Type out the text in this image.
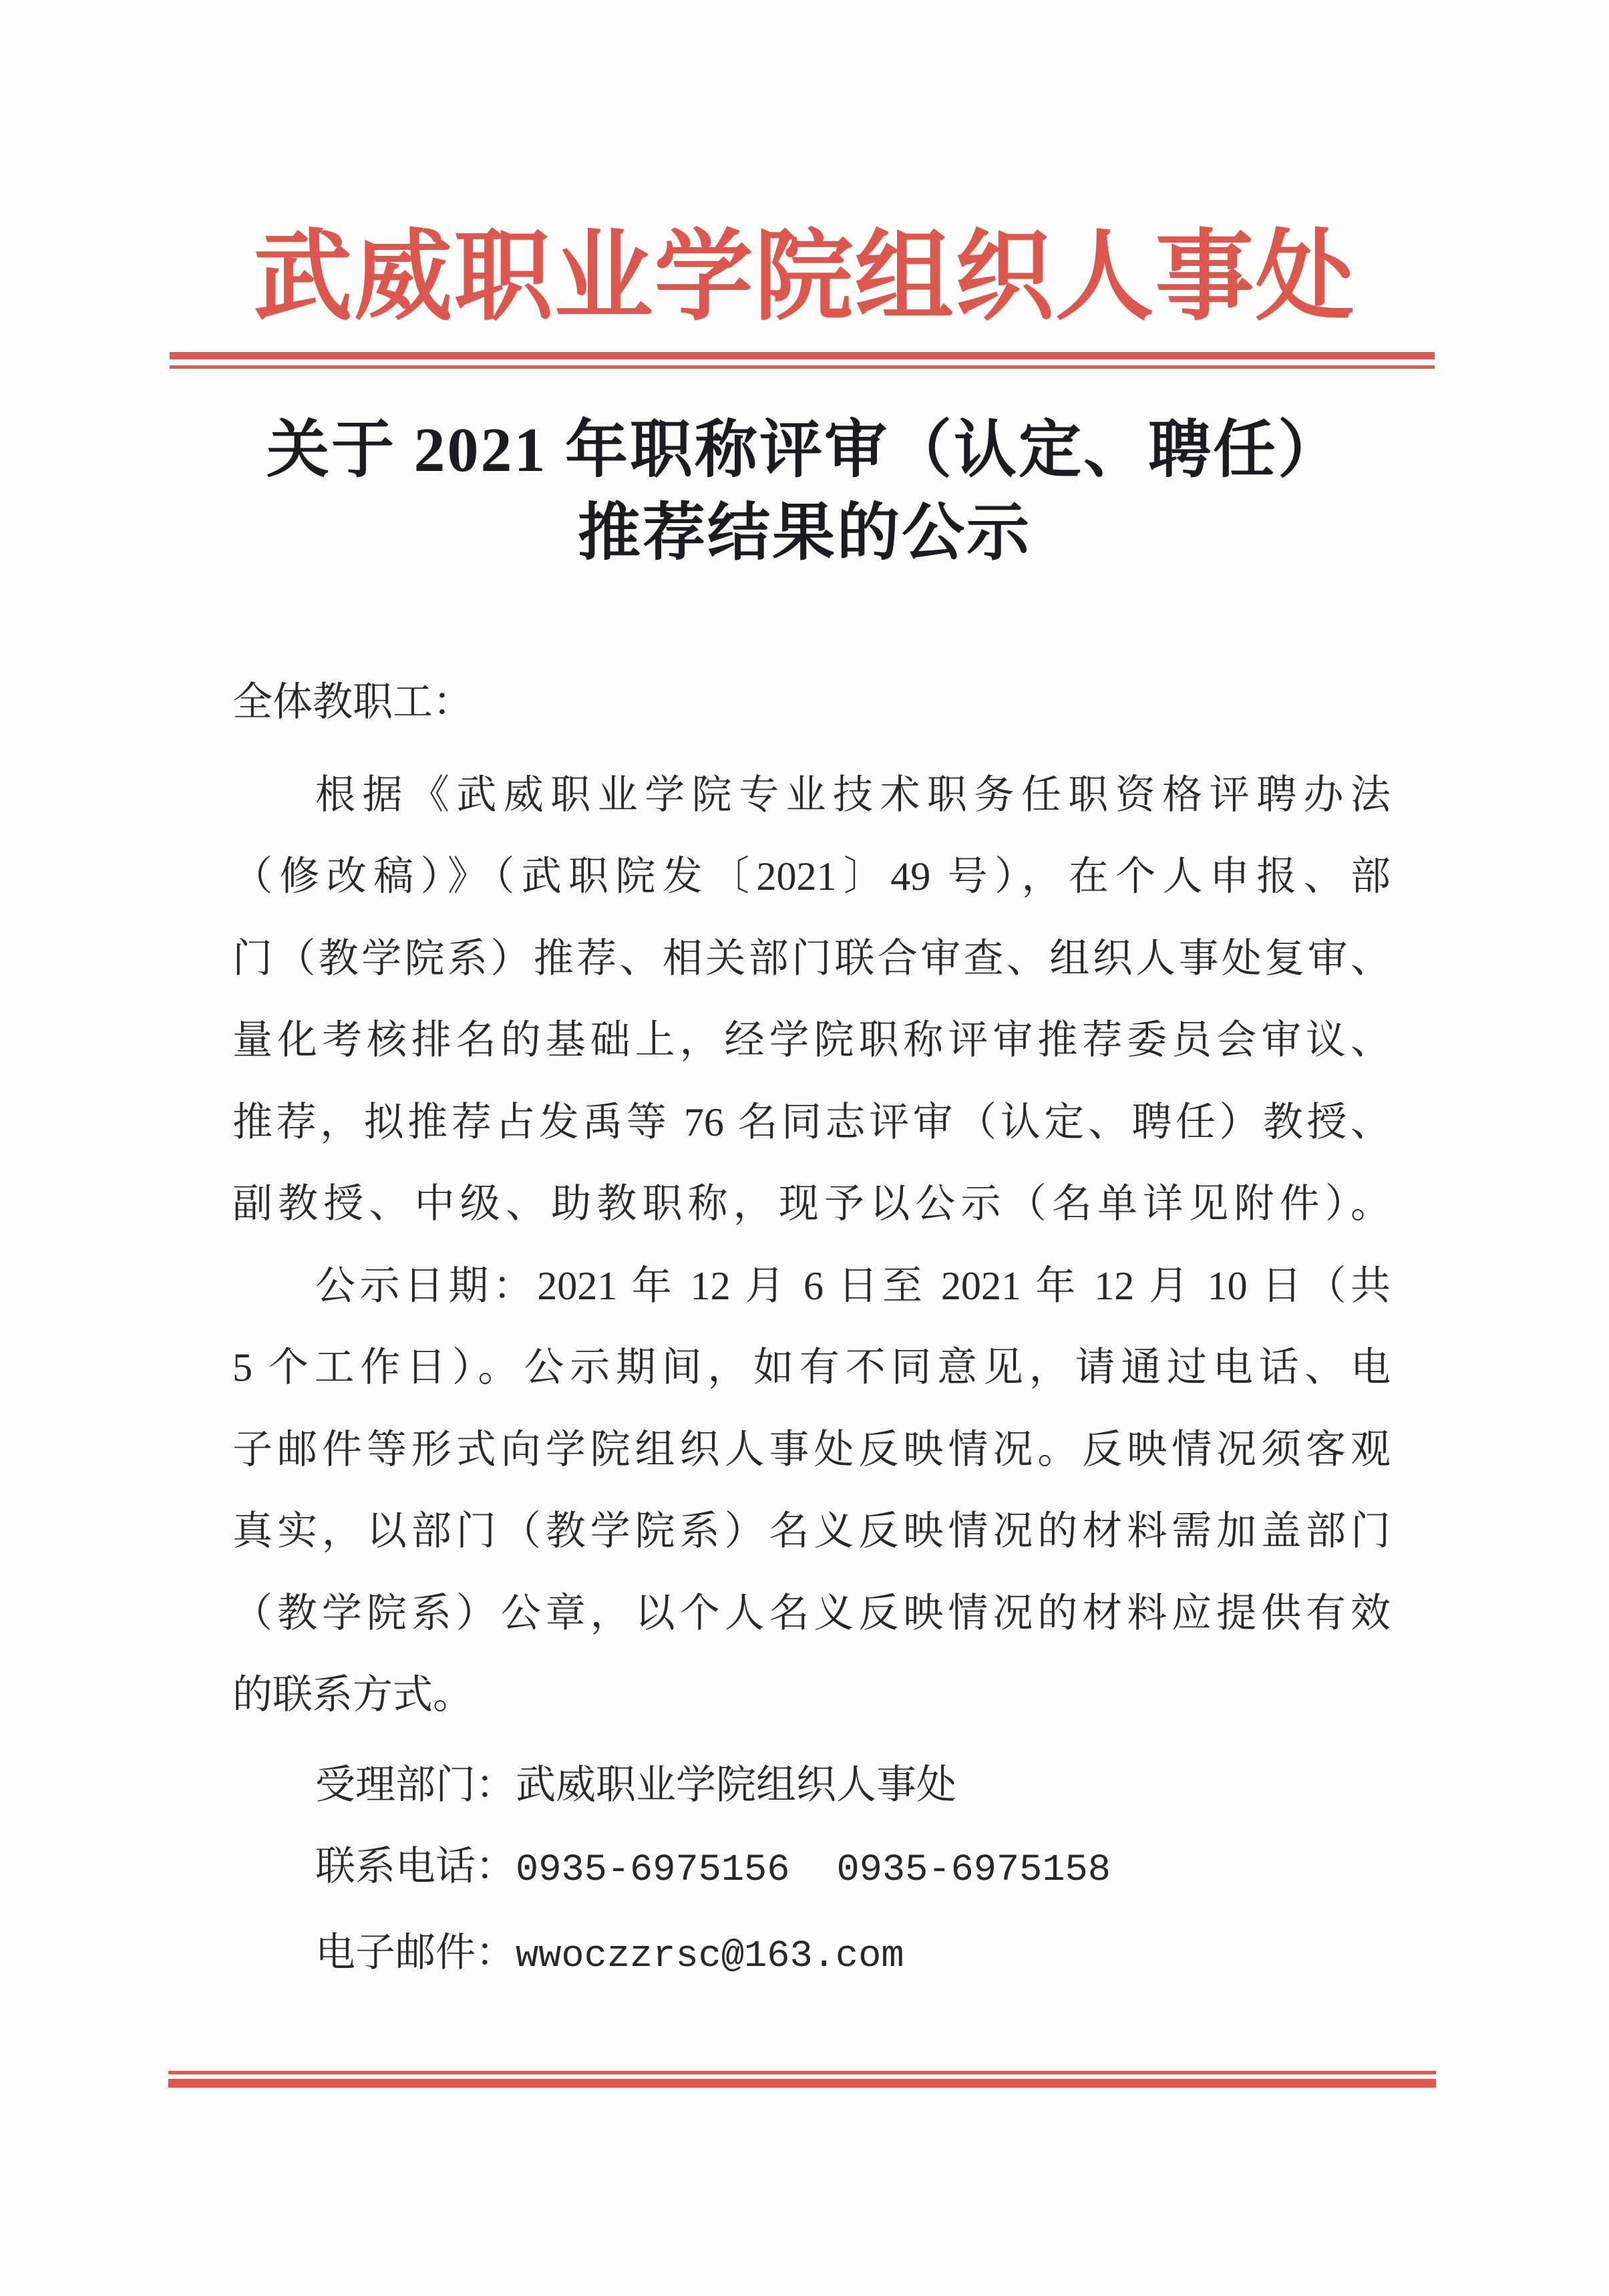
武威职业学院组织人事处
关于 2021 年职称评审（认定、聘任）
推荐结果的公示
全体教职工：
根据《武威职业学院专业技术职务任职资格评聘办法
（修改稿）》（武职院发〔2021〕49 号），在个人申报、部
门（教学院系）推荐、相关部门联合审查、组织人事处复审、
量化考核排名的基础上，经学院职称评审推荐委员会审议、
推荐，拟推荐占发禹等 76 名同志评审（认定、聘任）教授、
副教授、中级、助教职称，现予以公示（名单详见附件）。
公示日期：2021 年 12 月 6 日至 2021 年 12 月 10 日（共
5 个工作日）。公示期间，如有不同意见，请通过电话、电
子邮件等形式向学院组织人事处反映情况。反映情况须客观
真实，以部门（教学院系）名义反映情况的材料需加盖部门
（教学院系）公章，以个人名义反映情况的材料应提供有效
的联系方式。
受理部门：武威职业学院组织人事处
联系电话：0935-6975156 0935-6975158
电子邮件：wwoczzrsc@163.com
